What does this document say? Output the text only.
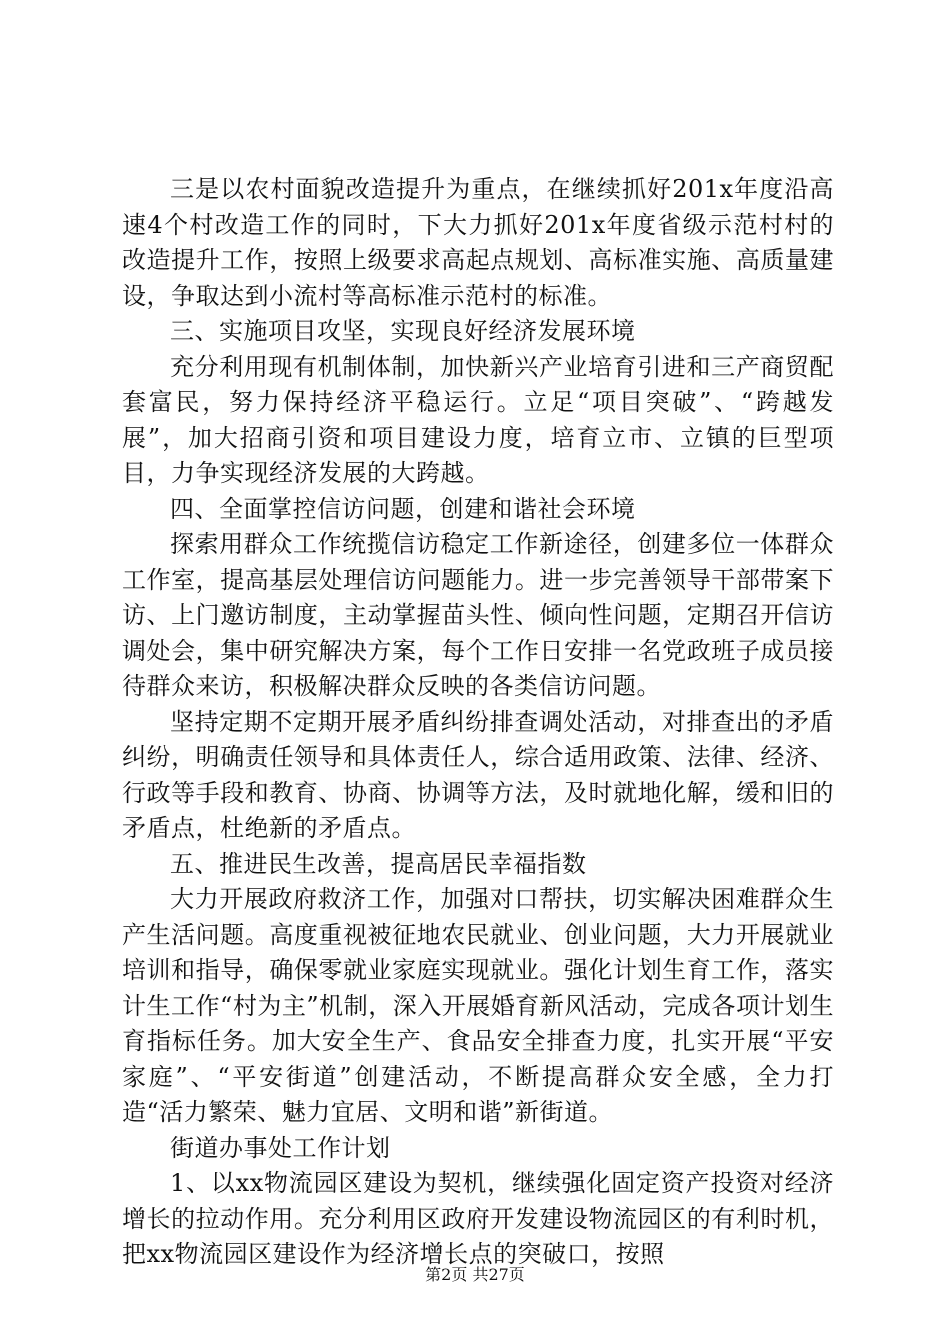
三是以农村面貌改造提升为重点，在继续抓好201x年度沿高速4个村改造工作的同时，下大力抓好201x年度省级示范村村的改造提升工作，按照上级要求高起点规划、高标准实施、高质量建设，争取达到小流村等高标准示范村的标准。

三、实施项目攻坚，实现良好经济发展环境

充分利用现有机制体制，加快新兴产业培育引进和三产商贸配套富民，努力保持经济平稳运行。立足“项目突破”、“跨越发展”，加大招商引资和项目建设力度，培育立市、立镇的巨型项目，力争实现经济发展的大跨越。

四、全面掌控信访问题，创建和谐社会环境

探索用群众工作统揽信访稳定工作新途径，创建多位一体群众工作室，提高基层处理信访问题能力。进一步完善领导干部带案下访、上门邀访制度，主动掌握苗头性、倾向性问题，定期召开信访调处会，集中研究解决方案，每个工作日安排一名党政班子成员接待群众来访，积极解决群众反映的各类信访问题。

坚持定期不定期开展矛盾纠纷排查调处活动，对排查出的矛盾纠纷，明确责任领导和具体责任人，综合适用政策、法律、经济、行政等手段和教育、协商、协调等方法，及时就地化解，缓和旧的矛盾点，杜绝新的矛盾点。

五、推进民生改善，提高居民幸福指数

大力开展政府救济工作，加强对口帮扶，切实解决困难群众生产生活问题。高度重视被征地农民就业、创业问题，大力开展就业培训和指导，确保零就业家庭实现就业。强化计划生育工作，落实计生工作“村为主”机制，深入开展婚育新风活动，完成各项计划生育指标任务。加大安全生产、食品安全排查力度，扎实开展“平安家庭”、“平安街道”创建活动，不断提高群众安全感，全力打造“活力繁荣、魅力宜居、文明和谐”新街道。

街道办事处工作计划

1、以xx物流园区建设为契机，继续强化固定资产投资对经济增长的拉动作用。充分利用区政府开发建设物流园区的有利时机，把xx物流园区建设作为经济增长点的突破口，按照

第2页 共27页
